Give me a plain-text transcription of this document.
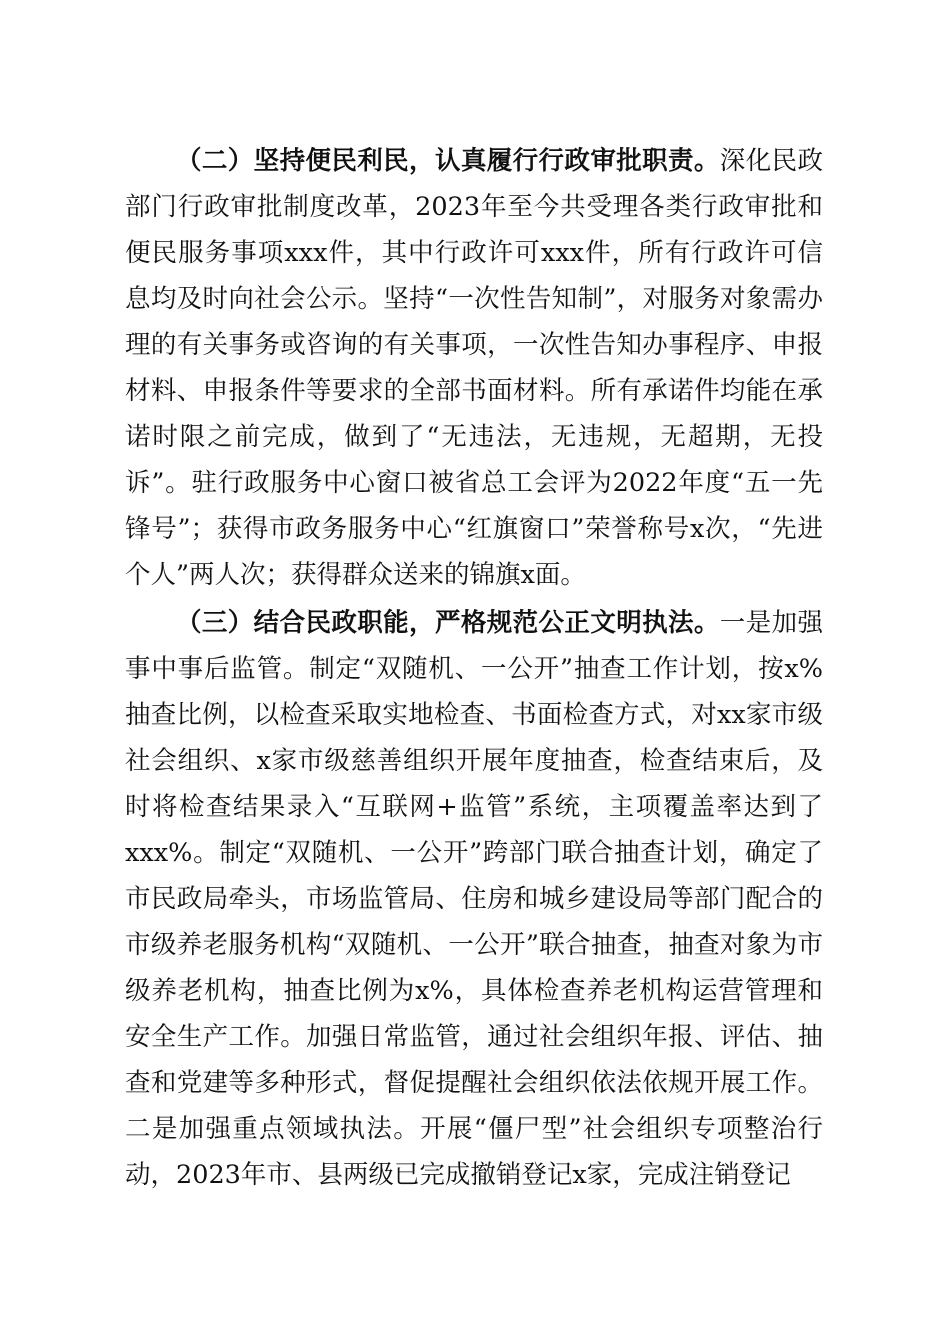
（二）坚持便民利民，认真履行行政审批职责。深化民政部门行政审批制度改革，2023年至今共受理各类行政审批和便民服务事项xxx件，其中行政许可xxx件，所有行政许可信息均及时向社会公示。坚持“一次性告知制”，对服务对象需办理的有关事务或咨询的有关事项，一次性告知办事程序、申报材料、申报条件等要求的全部书面材料。所有承诺件均能在承诺时限之前完成，做到了“无违法，无违规，无超期，无投诉”。驻行政服务中心窗口被省总工会评为2022年度“五一先锋号”；获得市政务服务中心“红旗窗口”荣誉称号x次，“先进个人”两人次；获得群众送来的锦旗x面。

（三）结合民政职能，严格规范公正文明执法。一是加强事中事后监管。制定“双随机、一公开”抽查工作计划，按x%抽查比例，以检查采取实地检查、书面检查方式，对xx家市级社会组织、x家市级慈善组织开展年度抽查，检查结束后，及时将检查结果录入“互联网+监管”系统，主项覆盖率达到了xxx%。制定“双随机、一公开”跨部门联合抽查计划，确定了市民政局牵头，市场监管局、住房和城乡建设局等部门配合的市级养老服务机构“双随机、一公开”联合抽查，抽查对象为市级养老机构，抽查比例为x%，具体检查养老机构运营管理和安全生产工作。加强日常监管，通过社会组织年报、评估、抽查和党建等多种形式，督促提醒社会组织依法依规开展工作。二是加强重点领域执法。开展“僵尸型”社会组织专项整治行动，2023年市、县两级已完成撤销登记x家，完成注销登记
